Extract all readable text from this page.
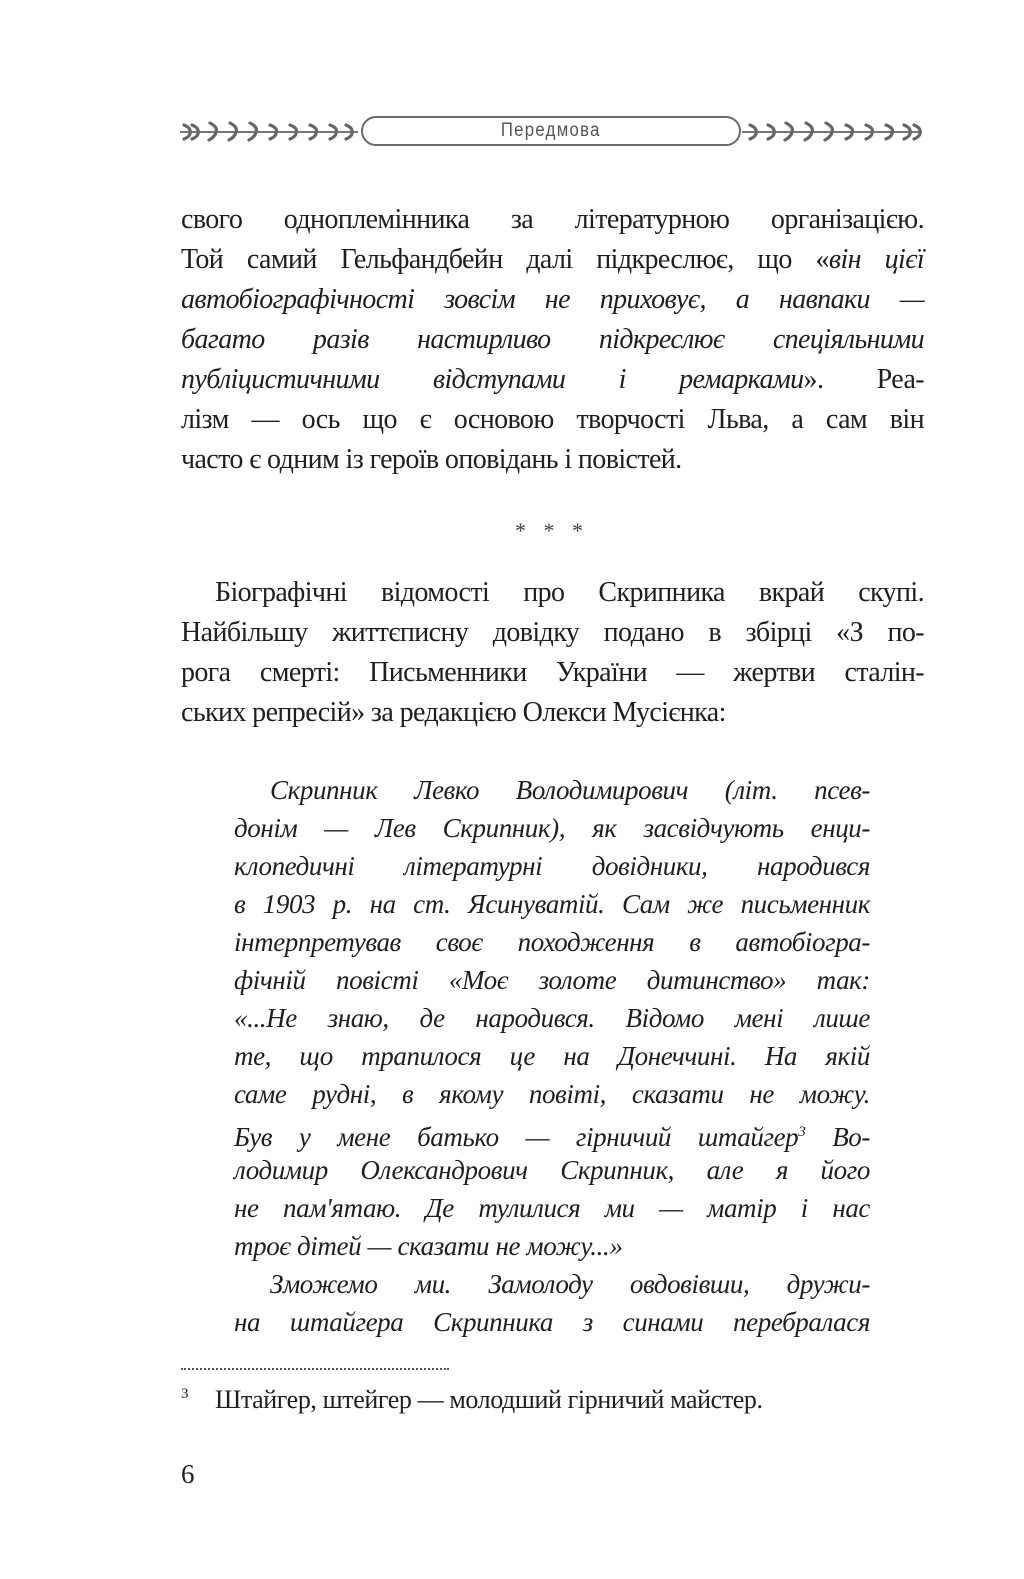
Передмова
свого одноплемінника за літературною організацією.
Той самий Гельфандбейн далі підкреслює, що «він цієї
автобіографічності зовсім не приховує, а навпаки —
багато разів настирливо підкреслює спеціяльними
публіцистичними відступами і ремарками». Реа-
лізм — ось що є основою творчості Льва, а сам він
часто є одним із героїв оповідань і повістей.
* * *
Біографічні відомості про Скрипника вкрай скупі.
Найбільшу життєписну довідку подано в збірці «З по-
рога смерті: Письменники України — жертви сталін-
ських репресій» за редакцією Олекси Мусієнка:
Скрипник Левко Володимирович (літ. псев-
донім — Лев Скрипник), як засвідчують енци-
клопедичні літературні довідники, народився
в 1903 р. на ст. Ясинуватій. Сам же письменник
інтерпретував своє походження в автобіогра-
фічній повісті «Моє золоте дитинство» так:
«...Не знаю, де народився. Відомо мені лише
те, що трапилося це на Донеччині. На якій
саме рудні, в якому повіті, сказати не можу.
Був у мене батько — гірничий штайгер$^3$ Во-
лодимир Олександрович Скрипник, але я його
не пам'ятаю. Де тулилися ми — матір і нас
троє дітей — сказати не можу...»
Зможемо ми. Замолоду овдовівши, дружи-
на штайгера Скрипника з синами перебралася
3 Штайгер, штейгер — молодший гірничий майстер.
6
